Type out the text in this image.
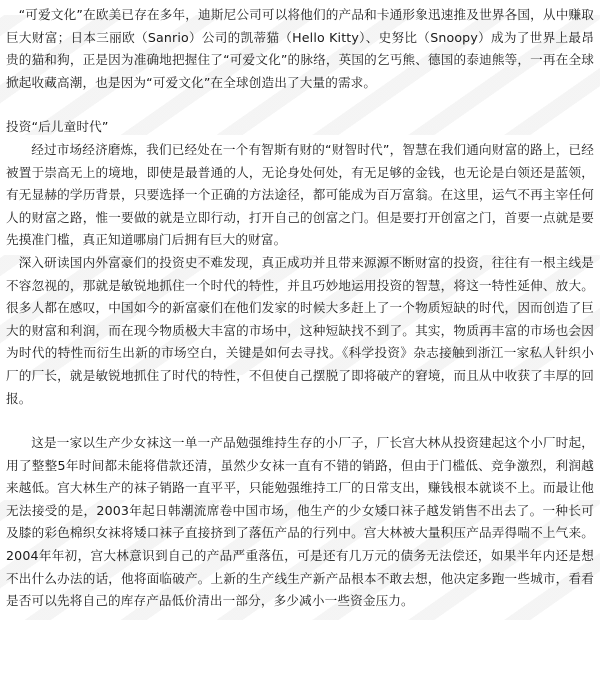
“可爱文化”在欧美已存在多年，迪斯尼公司可以将他们的产品和卡通形象迅速推及世界各国，从中赚取巨大财富；日本三丽欧（Sanrio）公司的凯蒂猫（Hello Kitty）、史努比（Snoopy）成为了世界上最昂贵的猫和狗，正是因为准确地把握住了“可爱文化”的脉络，英国的乞丐熊、德国的泰迪熊等，一再在全球掀起收藏高潮，也是因为“可爱文化”在全球创造出了大量的需求。

投资“后儿童时代”

经过市场经济磨炼，我们已经处在一个有智斯有财的“财智时代”，智慧在我们通向财富的路上，已经被置于崇高无上的境地，即使是最普通的人，无论身处何处，有无足够的金钱，也无论是白领还是蓝领，有无显赫的学历背景，只要选择一个正确的方法途径，都可能成为百万富翁。在这里，运气不再主宰任何人的财富之路，惟一要做的就是立即行动，打开自己的创富之门。但是要打开创富之门，首要一点就是要先摸准门槛，真正知道哪扇门后拥有巨大的财富。

深入研读国内外富豪们的投资史不难发现，真正成功并且带来源源不断财富的投资，往往有一根主线是不容忽视的，那就是敏锐地抓住一个时代的特性，并且巧妙地运用投资的智慧，将这一特性延伸、放大。很多人都在感叹，中国如今的新富豪们在他们发家的时候大多赶上了一个物质短缺的时代，因而创造了巨大的财富和利润，而在现今物质极大丰富的市场中，这种短缺找不到了。其实，物质再丰富的市场也会因为时代的特性而衍生出新的市场空白，关键是如何去寻找。《科学投资》杂志接触到浙江一家私人针织小厂的厂长，就是敏锐地抓住了时代的特性，不但使自己摆脱了即将破产的窘境，而且从中收获了丰厚的回报。

这是一家以生产少女袜这一单一产品勉强维持生存的小厂子，厂长宫大林从投资建起这个小厂时起，用了整整5年时间都未能将借款还清，虽然少女袜一直有不错的销路，但由于门槛低、竞争激烈，利润越来越低。宫大林生产的袜子销路一直平平，只能勉强维持工厂的日常支出，赚钱根本就谈不上。而最让他无法接受的是，2003年起日韩潮流席卷中国市场，他生产的少女矮口袜子越发销售不出去了。一种长可及膝的彩色棉织女袜将矮口袜子直接挤到了落伍产品的行列中。宫大林被大量积压产品弄得喘不上气来。2004年年初，宫大林意识到自己的产品严重落伍，可是还有几万元的债务无法偿还，如果半年内还是想不出什么办法的话，他将面临破产。上新的生产线生产新产品根本不敢去想，他决定多跑一些城市，看看是否可以先将自己的库存产品低价清出一部分，多少减小一些资金压力。
